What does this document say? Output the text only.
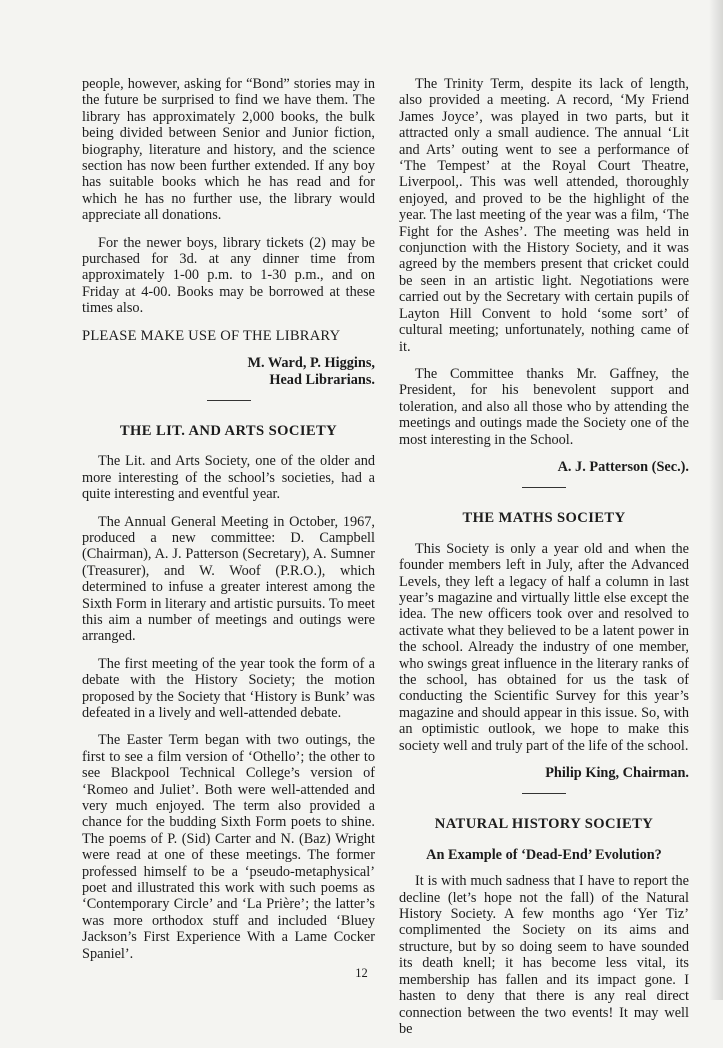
people, however, asking for “Bond” stories may in the future be surprised to find we have them. The library has approximately 2,000 books, the bulk being divided between Senior and Junior fiction, biography, literature and history, and the science section has now been further extended. If any boy has suitable books which he has read and for which he has no further use, the library would appreciate all donations.

For the newer boys, library tickets (2) may be purchased for 3d. at any dinner time from approximately 1-00 p.m. to 1-30 p.m., and on Friday at 4-00. Books may be borrowed at these times also.

PLEASE MAKE USE OF THE LIBRARY

M. Ward, P. Higgins,
Head Librarians.
THE LIT. AND ARTS SOCIETY

The Lit. and Arts Society, one of the older and more interesting of the school’s societies, had a quite interesting and eventful year.

The Annual General Meeting in October, 1967, produced a new committee: D. Campbell (Chairman), A. J. Patterson (Secretary), A. Sumner (Treasurer), and W. Woof (P.R.O.), which determined to infuse a greater interest among the Sixth Form in literary and artistic pursuits. To meet this aim a number of meetings and outings were arranged.

The first meeting of the year took the form of a debate with the History Society; the motion proposed by the Society that ‘History is Bunk’ was defeated in a lively and well-attended debate.

The Easter Term began with two outings, the first to see a film version of ‘Othello’; the other to see Blackpool Technical College’s version of ‘Romeo and Juliet’. Both were well-attended and very much enjoyed. The term also provided a chance for the budding Sixth Form poets to shine. The poems of P. (Sid) Carter and N. (Baz) Wright were read at one of these meetings. The former professed himself to be a ‘pseudo-metaphysical’ poet and illustrated this work with such poems as ‘Contemporary Circle’ and ‘La Prière’; the latter’s was more orthodox stuff and included ‘Bluey Jackson’s First Experience With a Lame Cocker Spaniel’.

The Trinity Term, despite its lack of length, also provided a meeting. A record, ‘My Friend James Joyce’, was played in two parts, but it attracted only a small audience. The annual ‘Lit and Arts’ outing went to see a performance of ‘The Tempest’ at the Royal Court Theatre, Liverpool,. This was well attended, thoroughly enjoyed, and proved to be the highlight of the year. The last meeting of the year was a film, ‘The Fight for the Ashes’. The meeting was held in conjunction with the History Society, and it was agreed by the members present that cricket could be seen in an artistic light. Negotiations were carried out by the Secretary with certain pupils of Layton Hill Convent to hold ‘some sort’ of cultural meeting; unfortunately, nothing came of it.

The Committee thanks Mr. Gaffney, the President, for his benevolent support and toleration, and also all those who by attending the meetings and outings made the Society one of the most interesting in the School.

A. J. Patterson (Sec.).
THE MATHS SOCIETY

This Society is only a year old and when the founder members left in July, after the Advanced Levels, they left a legacy of half a column in last year’s magazine and virtually little else except the idea. The new officers took over and resolved to activate what they believed to be a latent power in the school. Already the industry of one member, who swings great influence in the literary ranks of the school, has obtained for us the task of conducting the Scientific Survey for this year’s magazine and should appear in this issue. So, with an optimistic outlook, we hope to make this society well and truly part of the life of the school.

Philip King, Chairman.
NATURAL HISTORY SOCIETY
An Example of ‘Dead-End’ Evolution?

It is with much sadness that I have to report the decline (let’s hope not the fall) of the Natural History Society. A few months ago ‘Yer Tiz’ complimented the Society on its aims and structure, but by so doing seem to have sounded its death knell; it has become less vital, its membership has fallen and its impact gone. I hasten to deny that there is any real direct connection between the two events! It may well be

12
